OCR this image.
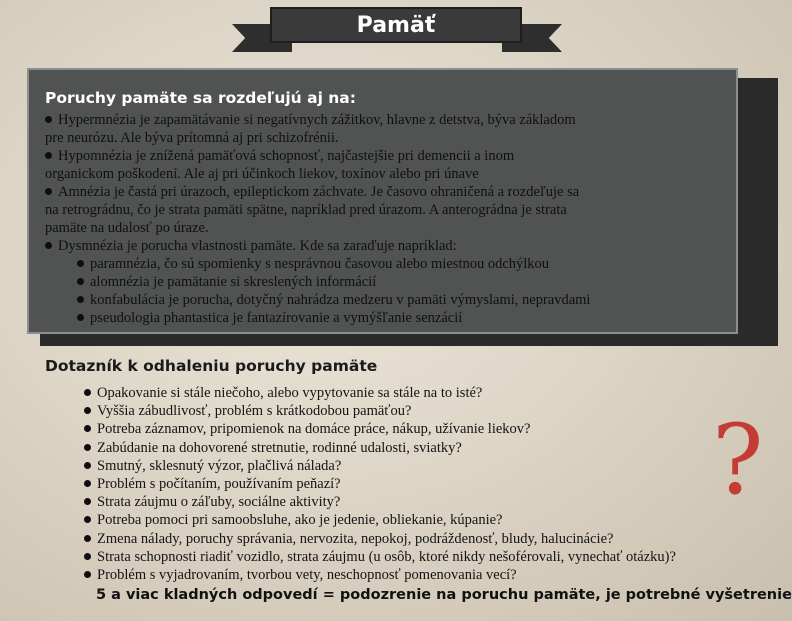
Pamäť
Poruchy pamäte sa rozdeľujú aj na:
Hypermnézia je zapamätávanie si negatívnych zážitkov, hlavne z detstva, býva základom
pre neurózu. Ale býva prítomná aj pri schizofrénii.
Hypomnézia je znížená pamäťová schopnosť, najčastejšie pri demencii a inom
organickom poškodení. Ale aj pri účinkoch liekov, toxínov alebo pri únave
Amnézia je častá pri úrazoch, epileptickom záchvate. Je časovo ohraničená a rozdeľuje sa
na retrográdnu, čo je strata pamäti spätne, napríklad pred úrazom. A anterográdna je strata
pamäte na udalosť po úraze.
Dysmnézia je porucha vlastnosti pamäte. Kde sa zaraďuje napríklad:
paramnézia, čo sú spomienky s nesprávnou časovou alebo miestnou odchýlkou
alomnézia je pamätanie si skreslených informácií
konfabulácia je porucha, dotyčný nahrádza medzeru v pamäti výmyslami, nepravdami
pseudologia phantastica je fantazírovanie a vymýšľanie senzácií
Dotazník k odhaleniu poruchy pamäte
Opakovanie si stále niečoho, alebo vypytovanie sa stále na to isté?
Vyššia zábudlivosť, problém s krátkodobou pamäťou?
Potreba záznamov, pripomienok na domáce práce, nákup, užívanie liekov?
Zabúdanie na dohovorené stretnutie, rodinné udalosti, sviatky?
Smutný, sklesnutý výzor, plačlivá nálada?
Problém s počítaním, používaním peňazí?
Strata záujmu o záľuby, sociálne aktivity?
Potreba pomoci pri samoobsluhe, ako je jedenie, obliekanie, kúpanie?
Zmena nálady, poruchy správania, nervozita, nepokoj, podráždenosť, bludy, halucinácie?
Strata schopnosti riadiť vozidlo, strata záujmu (u osôb, ktoré nikdy nešoférovali, vynechať otázku)?
Problém s vyjadrovaním, tvorbou vety, neschopnosť pomenovania vecí?
5 a viac kladných odpovedí = podozrenie na poruchu pamäte, je potrebné vyšetrenie
?
